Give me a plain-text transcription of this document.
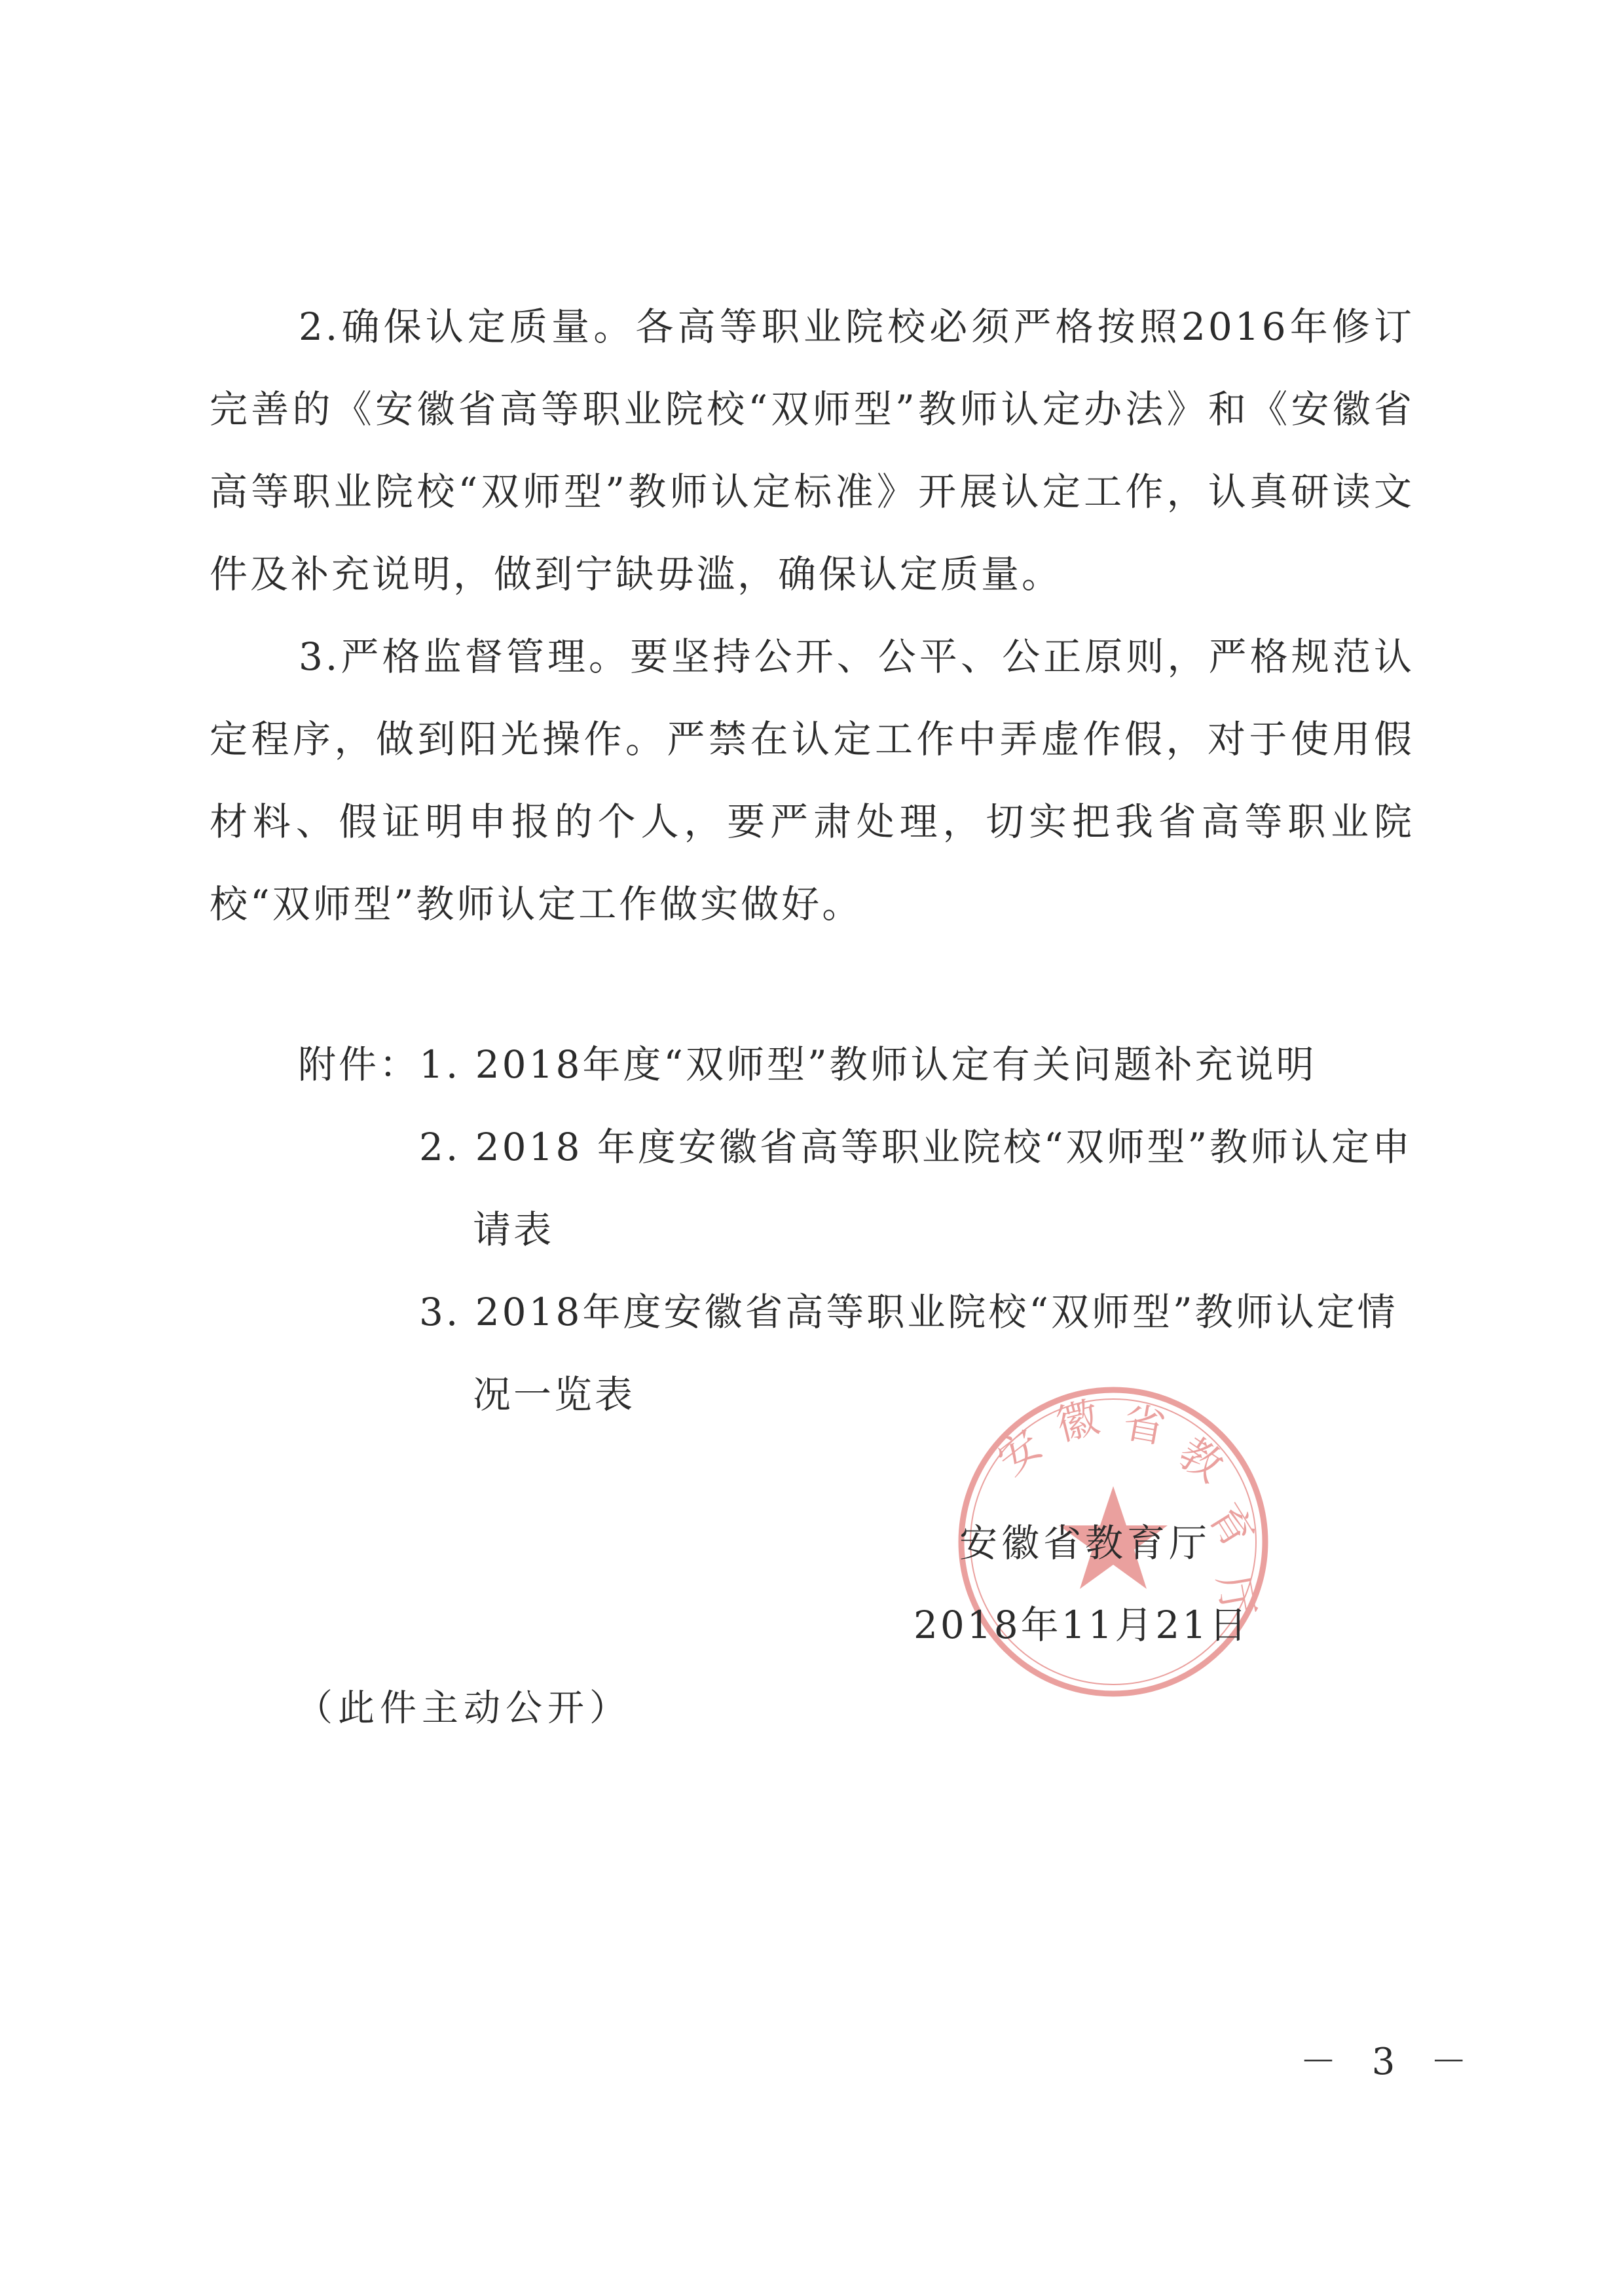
2.确保认定质量。各高等职业院校必须严格按照2016年修订完善的《安徽省高等职业院校“双师型”教师认定办法》和《安徽省高等职业院校“双师型”教师认定标准》开展认定工作，认真研读文件及补充说明，做到宁缺毋滥，确保认定质量。

3.严格监督管理。要坚持公开、公平、公正原则，严格规范认定程序，做到阳光操作。严禁在认定工作中弄虚作假，对于使用假材料、假证明申报的个人，要严肃处理，切实把我省高等职业院校“双师型”教师认定工作做实做好。

附件：
1. 2018年度“双师型”教师认定有关问题补充说明
2. 2018 年度安徽省高等职业院校“双师型”教师认定申请表
3. 2018年度安徽省高等职业院校“双师型”教师认定情况一览表
安 徽 省
教
育
厅
安徽省教育厅
2018年11月21日
（此件主动公开）
－ 3 －
